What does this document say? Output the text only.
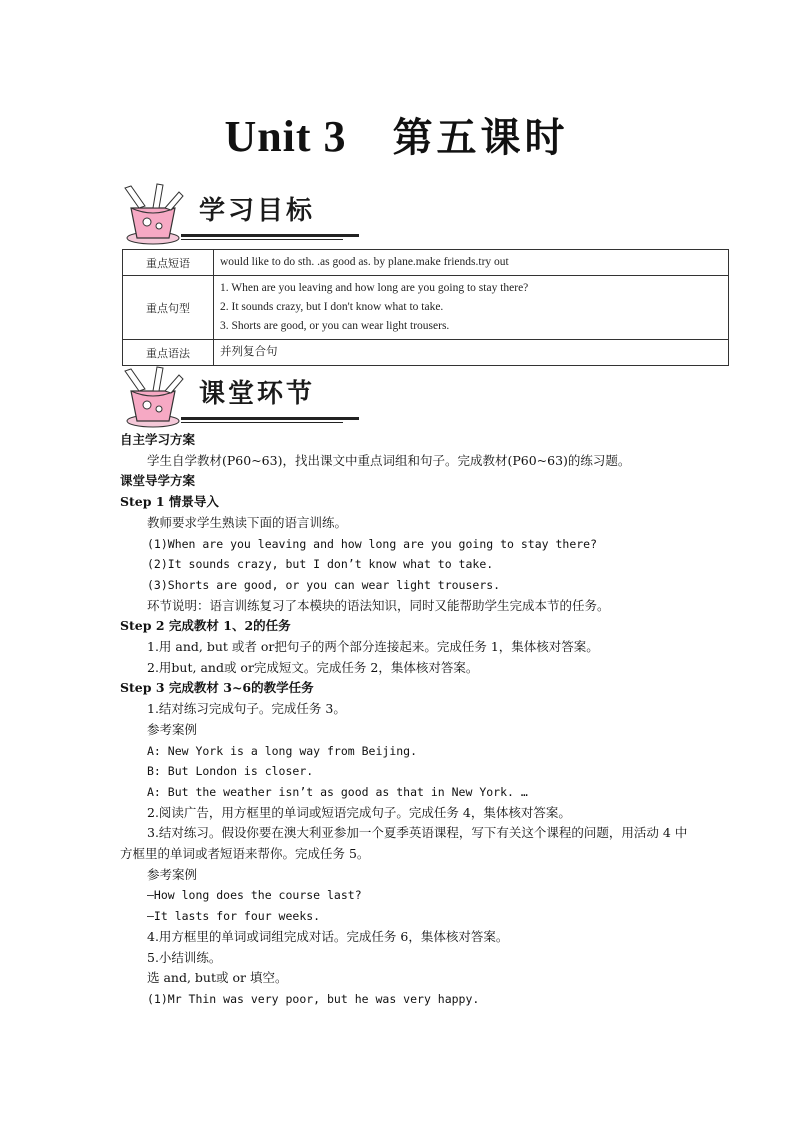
Unit 3 第五课时
学习目标
重点短语	would like to do sth. .as good as. by plane.make friends.try out

重点句型	1. When are you leaving and how long are you going to stay there?
2. It sounds crazy, but I don't know what to take.
3. Shorts are good, or you can wear light trousers.

重点语法	并列复合句
课堂环节
自主学习方案
学生自学教材(P60~63)，找出课文中重点词组和句子。完成教材(P60~63)的练习题。
课堂导学方案
Step 1 情景导入
教师要求学生熟读下面的语言训练。
(1)When are you leaving and how long are you going to stay there?
(2)It sounds crazy, but I don’t know what to take.
(3)Shorts are good, or you can wear light trousers.
环节说明：语言训练复习了本模块的语法知识，同时又能帮助学生完成本节的任务。
Step 2 完成教材 1、2的任务
1.用 and, but 或者 or把句子的两个部分连接起来。完成任务 1，集体核对答案。
2.用but, and或 or完成短文。完成任务 2，集体核对答案。
Step 3 完成教材 3~6的教学任务
1.结对练习完成句子。完成任务 3。
参考案例
A: New York is a long way from Beijing.
B: But London is closer.
A: But the weather isn’t as good as that in New York. …
2.阅读广告，用方框里的单词或短语完成句子。完成任务 4，集体核对答案。
3.结对练习。假设你要在澳大利亚参加一个夏季英语课程，写下有关这个课程的问题，用活动 4 中方框里的单词或者短语来帮你。完成任务 5。
参考案例
—How long does the course last?
—It lasts for four weeks.
4.用方框里的单词或词组完成对话。完成任务 6，集体核对答案。
5.小结训练。
选 and, but或 or 填空。
(1)Mr Thin was very poor, but he was very happy.
